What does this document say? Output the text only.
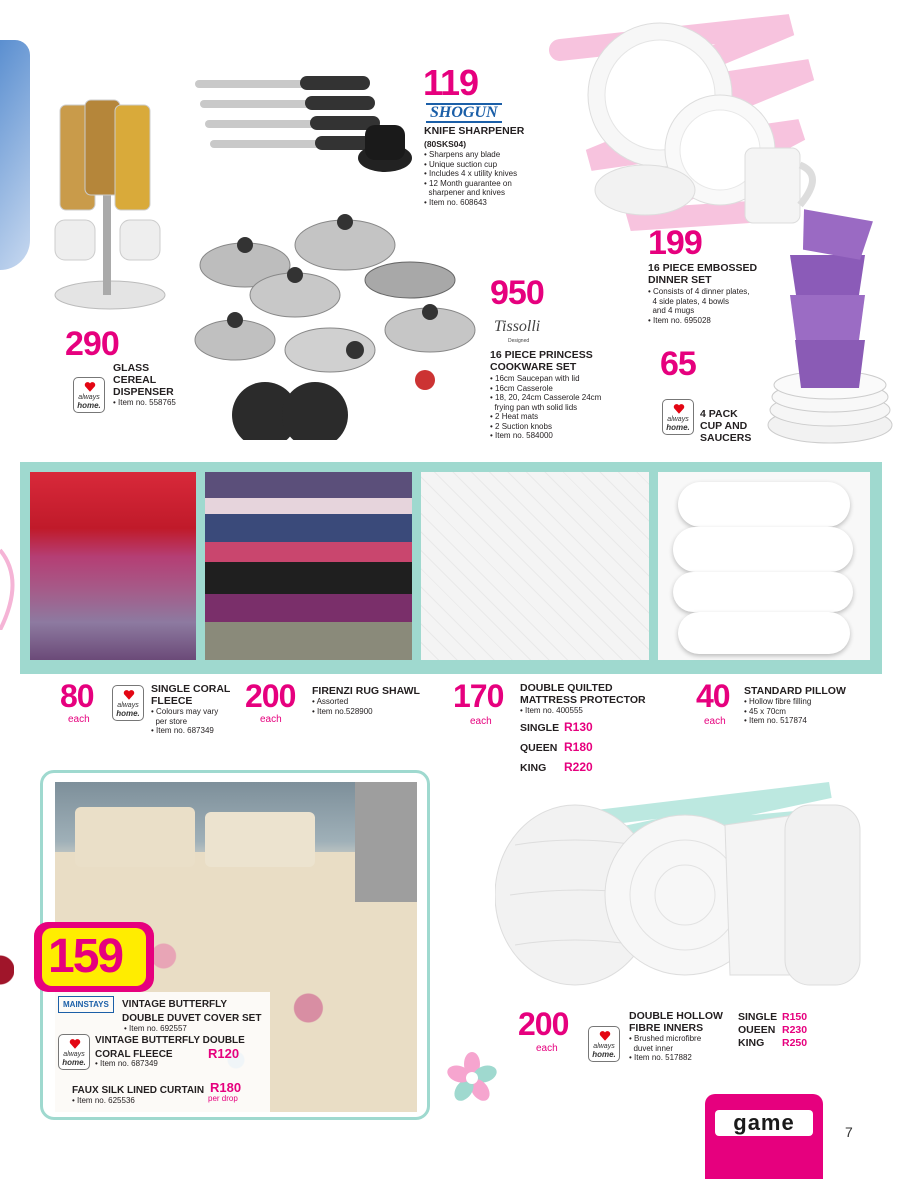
119
SHOGUN
KNIFE SHARPENER
(80SKS04)
• Sharpens any blade
• Unique suction cup
• Includes 4 x utility knives
• 12 Month guarantee on
sharpener and knives
• Item no. 608643
199
16 PIECE EMBOSSED
DINNER SET
• Consists of 4 dinner plates,
4 side plates, 4 bowls
and 4 mugs
• Item no. 695028
950
Tissolli
Designed
16 PIECE PRINCESS
COOKWARE SET
• 16cm Saucepan with lid
• 16cm Casserole
• 18, 20, 24cm Casserole 24cm
frying pan wth solid lids
• 2 Heat mats
• 2 Suction knobs
• Item no. 584000
290
always
home.
GLASS
CEREAL
DISPENSER
• Item no. 558765
65
always
home.
4 PACK
CUP AND
SAUCERS
80
each
always
home.
SINGLE CORAL
FLEECE
• Colours may vary
per store
• Item no. 687349
200
each
FIRENZI RUG SHAWL
• Assorted
• Item no.528900	170
each
DOUBLE QUILTED
MATTRESS PROTECTOR
• Item no. 400555
SINGLE R130
QUEEN R180
KING R220
40
each
STANDARD PILLOW
• Hollow fibre filling
• 45 x 70cm
• Item no. 517874
159
MAINSTAYS	VINTAGE BUTTERFLY
DOUBLE DUVET COVER SET
• Item no. 692557
always
home.
VINTAGE BUTTERFLY DOUBLE
CORAL FLEECE	R120
• Item no. 687349
FAUX SILK LINED CURTAIN R180
per drop
• Item no. 625536
200
each	always
home.
DOUBLE HOLLOW
FIBRE INNERS
• Brushed microfibre
duvet inner
• Item no. 517882
SINGLE R150
OUEEN R230
KING R250
game	7
